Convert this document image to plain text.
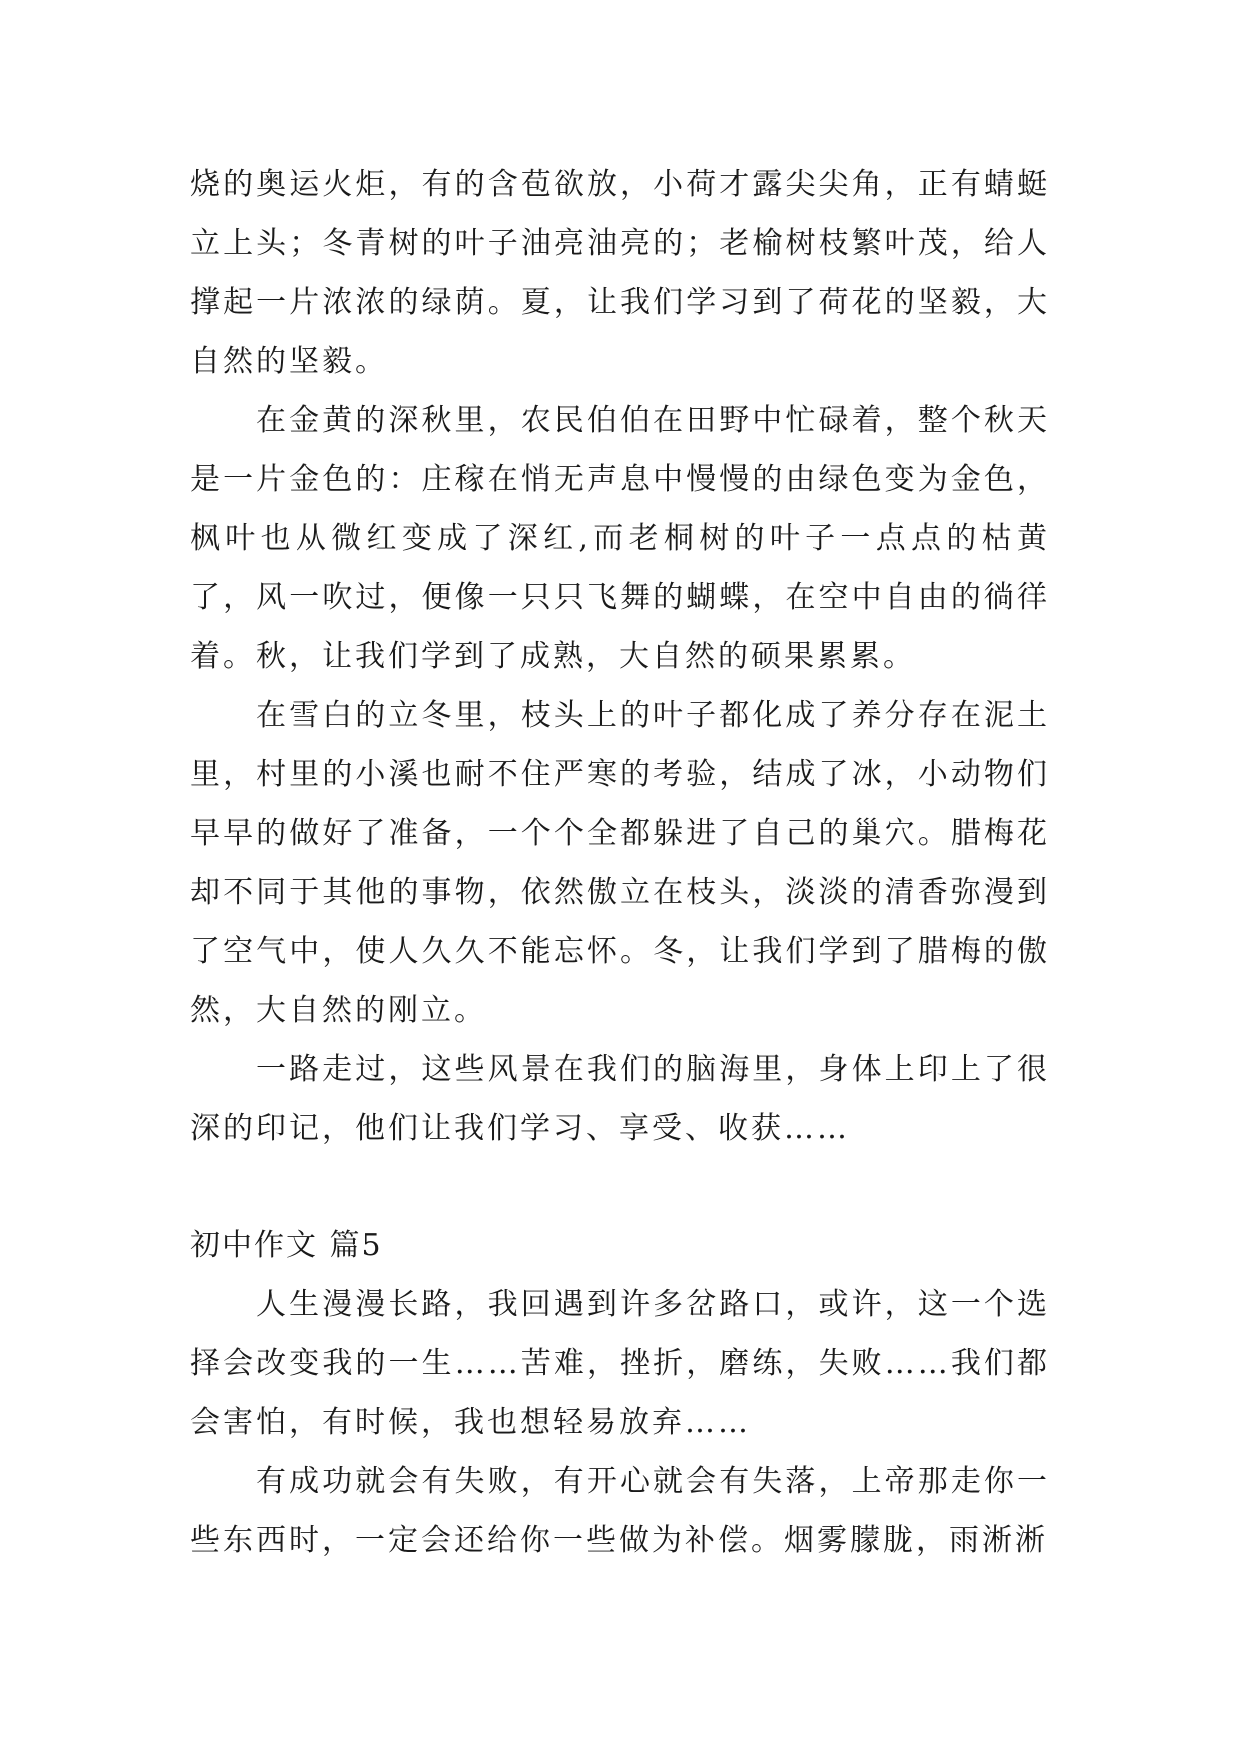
烧的奥运火炬，有的含苞欲放，小荷才露尖尖角，正有蜻蜓立上头；冬青树的叶子油亮油亮的；老榆树枝繁叶茂，给人撑起一片浓浓的绿荫。夏，让我们学习到了荷花的坚毅，大自然的坚毅。

在金黄的深秋里，农民伯伯在田野中忙碌着，整个秋天是一片金色的：庄稼在悄无声息中慢慢的由绿色变为金色，枫叶也从微红变成了深红,而老桐树的叶子一点点的枯黄了，风一吹过，便像一只只飞舞的蝴蝶，在空中自由的徜徉着。秋，让我们学到了成熟，大自然的硕果累累。

在雪白的立冬里，枝头上的叶子都化成了养分存在泥土里，村里的小溪也耐不住严寒的考验，结成了冰，小动物们早早的做好了准备，一个个全都躲进了自己的巢穴。腊梅花却不同于其他的事物，依然傲立在枝头，淡淡的清香弥漫到了空气中，使人久久不能忘怀。冬，让我们学到了腊梅的傲然，大自然的刚立。

一路走过，这些风景在我们的脑海里，身体上印上了很深的印记，他们让我们学习、享受、收获……

初中作文 篇5

人生漫漫长路，我回遇到许多岔路口，或许，这一个选择会改变我的一生……苦难，挫折，磨练，失败……我们都会害怕，有时候，我也想轻易放弃……

有成功就会有失败，有开心就会有失落，上帝那走你一些东西时，一定会还给你一些做为补偿。烟雾朦胧，雨淅淅
